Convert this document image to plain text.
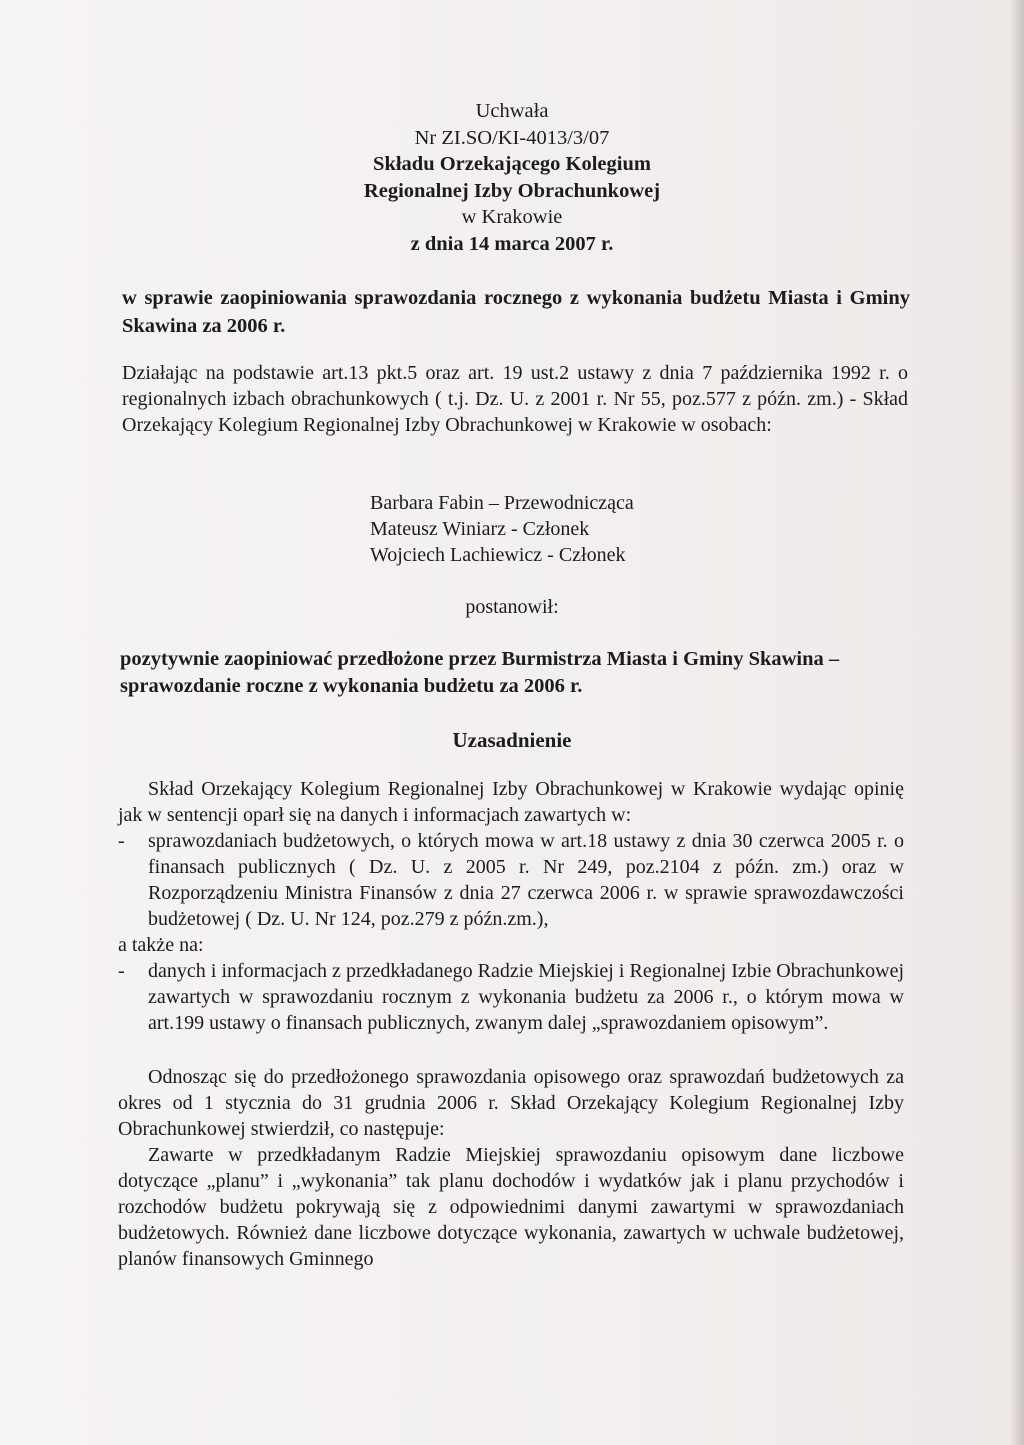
Uchwała
Nr ZI.SO/KI-4013/3/07
Składu Orzekającego Kolegium
Regionalnej Izby Obrachunkowej
w Krakowie
z dnia 14 marca 2007 r.
w sprawie zaopiniowania sprawozdania rocznego z wykonania budżetu Miasta i Gminy Skawina za 2006 r.
Działając na podstawie art.13 pkt.5 oraz art. 19 ust.2 ustawy z dnia 7 października 1992 r. o regionalnych izbach obrachunkowych ( t.j. Dz. U. z 2001 r. Nr 55, poz.577 z późn. zm.) - Skład Orzekający Kolegium Regionalnej Izby Obrachunkowej w Krakowie w osobach:
Barbara Fabin – Przewodnicząca
Mateusz Winiarz - Członek
Wojciech Lachiewicz - Członek
postanowił:
pozytywnie zaopiniować przedłożone przez Burmistrza Miasta i Gminy Skawina – sprawozdanie roczne z wykonania budżetu za 2006 r.
Uzasadnienie

Skład Orzekający Kolegium Regionalnej Izby Obrachunkowej w Krakowie wydając opinię jak w sentencji oparł się na danych i informacjach zawartych w:

- sprawozdaniach budżetowych, o których mowa w art.18 ustawy z dnia 30 czerwca 2005 r. o finansach publicznych ( Dz. U. z 2005 r. Nr 249, poz.2104 z późn. zm.) oraz w Rozporządzeniu Ministra Finansów z dnia 27 czerwca 2006 r. w sprawie sprawozdawczości budżetowej ( Dz. U. Nr 124, poz.279 z późn.zm.),

a także na:

- danych i informacjach z przedkładanego Radzie Miejskiej i Regionalnej Izbie Obrachunkowej zawartych w sprawozdaniu rocznym z wykonania budżetu za 2006 r., o którym mowa w art.199 ustawy o finansach publicznych, zwanym dalej „sprawozdaniem opisowym”.

Odnosząc się do przedłożonego sprawozdania opisowego oraz sprawozdań budżetowych za okres od 1 stycznia do 31 grudnia 2006 r. Skład Orzekający Kolegium Regionalnej Izby Obrachunkowej stwierdził, co następuje:

Zawarte w przedkładanym Radzie Miejskiej sprawozdaniu opisowym dane liczbowe dotyczące „planu” i „wykonania” tak planu dochodów i wydatków jak i planu przychodów i rozchodów budżetu pokrywają się z odpowiednimi danymi zawartymi w sprawozdaniach budżetowych. Również dane liczbowe dotyczące wykonania, zawartych w uchwale budżetowej, planów finansowych Gminnego
